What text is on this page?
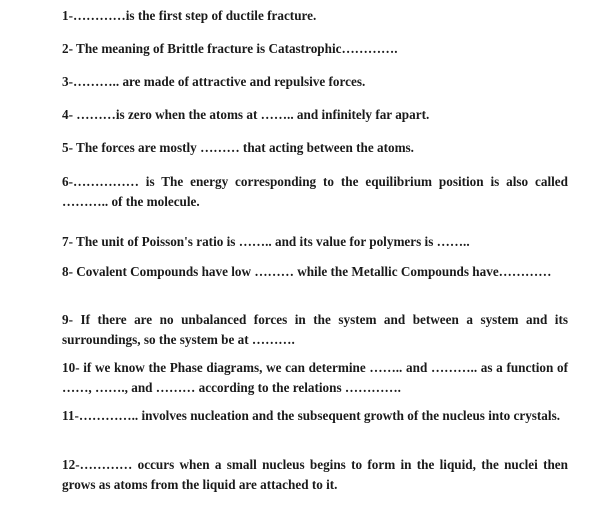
1-…………is the first step of ductile fracture.

2- The meaning of Brittle fracture is Catastrophic………….

3-……….. are made of attractive and repulsive forces.

4- ………is zero when the atoms at …….. and infinitely far apart.

5- The forces are mostly ……… that acting between the atoms.

6-…………… is The energy corresponding to the equilibrium position is also called ……….. of the molecule.

7- The unit of Poisson's ratio is …….. and its value for polymers is ……..

8- Covalent Compounds have low ……… while the Metallic Compounds have…………

9- If there are no unbalanced forces in the system and between a system and its surroundings, so the system be at ……….

10- if we know the Phase diagrams, we can determine …….. and ……….. as a function of ……, ……., and ……… according to the relations ………….

11-………….. involves nucleation and the subsequent growth of the nucleus into crystals.

12-………… occurs when a small nucleus begins to form in the liquid, the nuclei then grows as atoms from the liquid are attached to it.
